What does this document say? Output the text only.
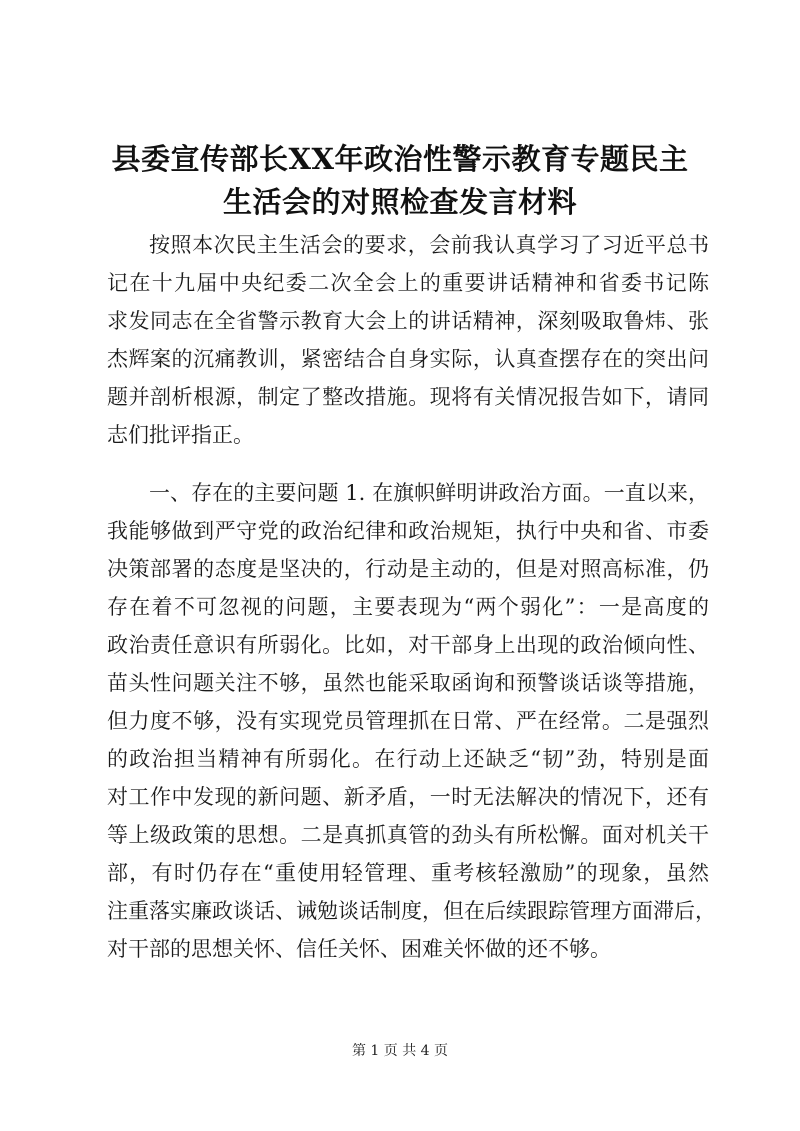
县委宣传部长XX年政治性警示教育专题民主
生活会的对照检查发言材料
按照本次民主生活会的要求，会前我认真学习了习近平总书
记在十九届中央纪委二次全会上的重要讲话精神和省委书记陈
求发同志在全省警示教育大会上的讲话精神，深刻吸取鲁炜、张
杰辉案的沉痛教训，紧密结合自身实际，认真查摆存在的突出问
题并剖析根源，制定了整改措施。现将有关情况报告如下，请同
志们批评指正。
一、存在的主要问题 1. 在旗帜鲜明讲政治方面。一直以来，
我能够做到严守党的政治纪律和政治规矩，执行中央和省、市委
决策部署的态度是坚决的，行动是主动的，但是对照高标准，仍
存在着不可忽视的问题，主要表现为“两个弱化”：一是高度的
政治责任意识有所弱化。比如，对干部身上出现的政治倾向性、
苗头性问题关注不够，虽然也能采取函询和预警谈话谈等措施，
但力度不够，没有实现党员管理抓在日常、严在经常。二是强烈
的政治担当精神有所弱化。在行动上还缺乏“韧”劲，特别是面
对工作中发现的新问题、新矛盾，一时无法解决的情况下，还有
等上级政策的思想。二是真抓真管的劲头有所松懈。面对机关干
部，有时仍存在“重使用轻管理、重考核轻激励”的现象，虽然
注重落实廉政谈话、诫勉谈话制度，但在后续跟踪管理方面滞后，
对干部的思想关怀、信任关怀、困难关怀做的还不够。
第 1 页 共 4 页
